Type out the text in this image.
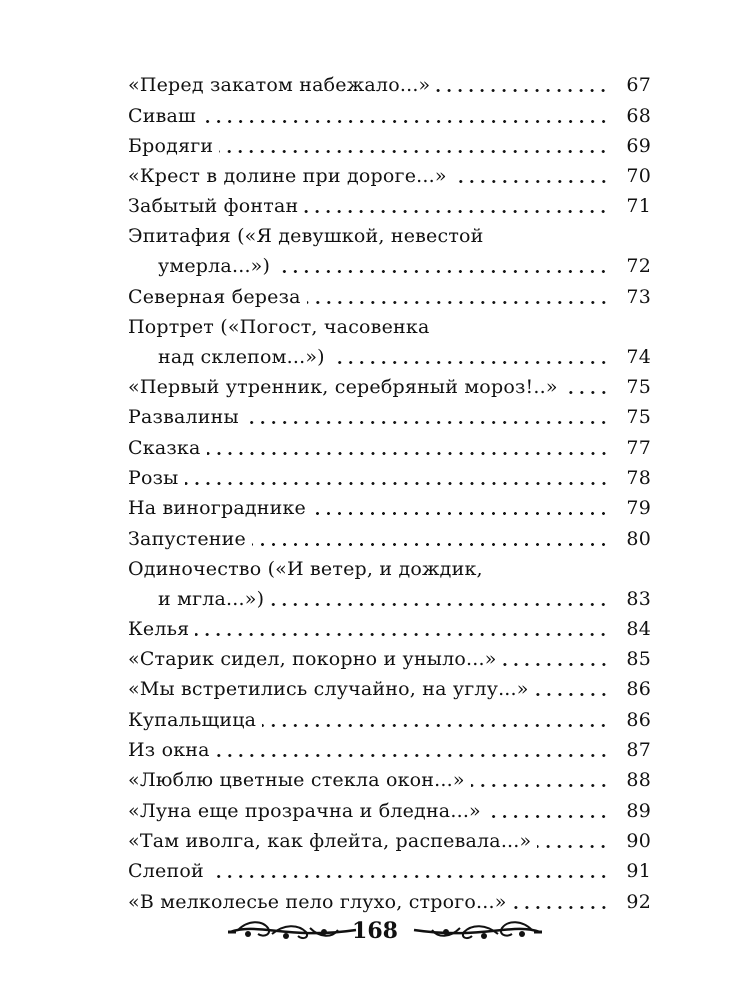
«Перед закатом набежало...»	67
Сиваш	68
Бродяги	69
«Крест в долине при дороге...»	70
Забытый фонтан	71
Эпитафия («Я девушкой, невестой
умерла...»)	72
Северная береза	73
Портрет («Погост, часовенка
над склепом...»)	74
«Первый утренник, серебряный мороз!..»	75
Развалины	75
Сказка	77
Розы	78
На винограднике	79
Запустение	80
Одиночество («И ветер, и дождик,
и мгла...»)	83
Келья	84
«Старик сидел, покорно и уныло...»	85
«Мы встретились случайно, на углу...»	86
Купальщица	86
Из окна	87
«Люблю цветные стекла окон...»	88
«Луна еще прозрачна и бледна...»	89
«Там иволга, как флейта, распевала...»	90
Слепой	91
«В мелколесье пело глухо, строго...»	92
168
